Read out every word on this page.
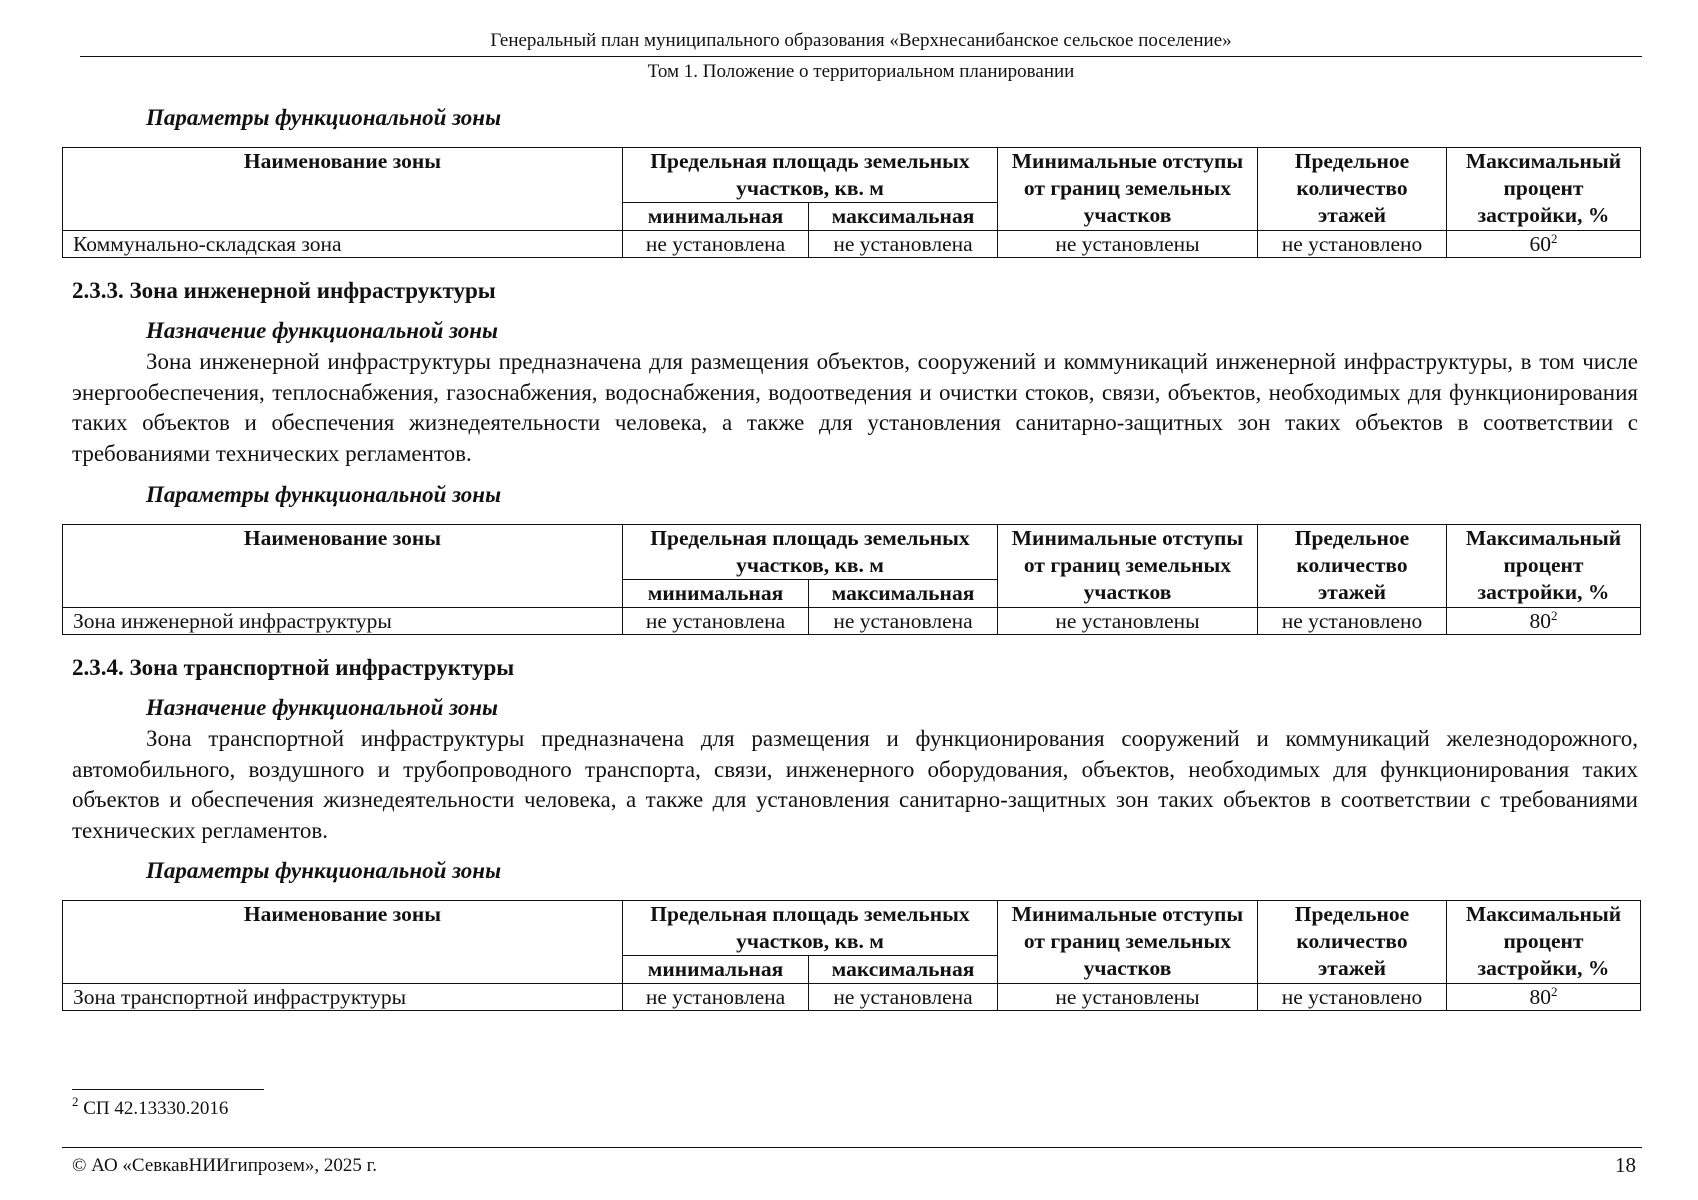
Генеральный план муниципального образования «Верхнесанибанское сельское поселение»
Том 1. Положение о территориальном планировании
Параметры функциональной зоны
Наименование зоны	Предельная площадь земельных участков, кв. м		Минимальные отступы от границ земельных участков	Предельное количество этажей	Максимальный процент застройки, %
	минимальная	максимальная			
Коммунально-складская зона	не установлена	не установлена	не установлены	не установлено	$60^2$
2.3.3. Зона инженерной инфраструктуры
Назначение функциональной зоны
Зона инженерной инфраструктуры предназначена для размещения объектов, сооружений и коммуникаций инженерной инфраструктуры, в том числе энергообеспечения, теплоснабжения, газоснабжения, водоснабжения, водоотведения и очистки стоков, связи, объектов, необходимых для функционирования таких объектов и обеспечения жизнедеятельности человека, а также для установления санитарно-защитных зон таких объектов в соответствии с требованиями технических регламентов.
Параметры функциональной зоны
Наименование зоны	Предельная площадь земельных участков, кв. м		Минимальные отступы от границ земельных участков	Предельное количество этажей	Максимальный процент застройки, %
	минимальная	максимальная			
Зона инженерной инфраструктуры	не установлена	не установлена	не установлены	не установлено	$80^2$
2.3.4. Зона транспортной инфраструктуры
Назначение функциональной зоны
Зона транспортной инфраструктуры предназначена для размещения и функционирования сооружений и коммуникаций железнодорожного, автомобильного, воздушного и трубопроводного транспорта, связи, инженерного оборудования, объектов, необходимых для функционирования таких объектов и обеспечения жизнедеятельности человека, а также для установления санитарно-защитных зон таких объектов в соответствии с требованиями технических регламентов.
Параметры функциональной зоны
Наименование зоны	Предельная площадь земельных участков, кв. м		Минимальные отступы от границ земельных участков	Предельное количество этажей	Максимальный процент застройки, %
	минимальная	максимальная			
Зона транспортной инфраструктуры	не установлена	не установлена	не установлены	не установлено	$80^2$
$^2$ СП 42.13330.2016
© АО «СевкавНИИгипрозем», 2025 г.	18
